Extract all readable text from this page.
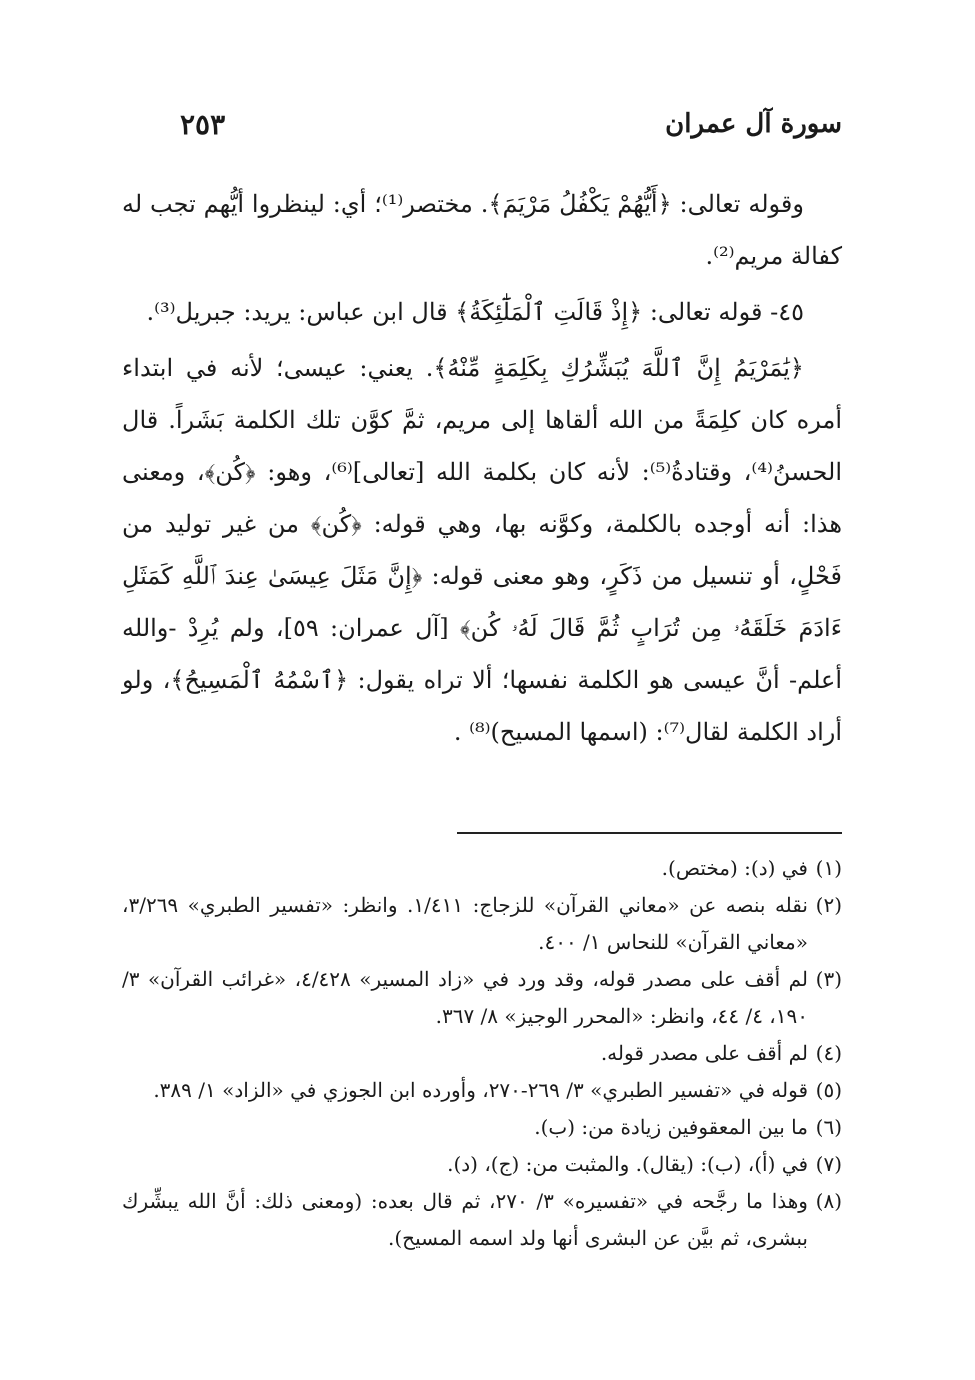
سورة آل عمران
٢٥٣

وقوله تعالى: ﴿أَيُّهُمْ يَكْفُلُ مَرْيَمَ﴾. مختصر⁽¹⁾؛ أي: لينظروا أيُّهم تجب له كفالة مريم⁽²⁾.

٤٥- قوله تعالى: ﴿إِذْ قَالَتِ ٱلْمَلَٰٓئِكَةُ﴾ قال ابن عباس: يريد: جبريل⁽³⁾.

﴿يَٰمَرْيَمُ إِنَّ ٱللَّهَ يُبَشِّرُكِ بِكَلِمَةٍ مِّنْهُ﴾. يعني: عيسى؛ لأنه في ابتداء أمره كان كلِمَةً من الله ألقاها إلى مريم، ثمَّ كوَّن تلك الكلمة بَشَراً. قال الحسنُ⁽⁴⁾، وقتادةُ⁽⁵⁾: لأنه كان بكلمة الله [تعالى]⁽⁶⁾، وهو: ﴿كُن﴾، ومعنى هذا: أنه أوجده بالكلمة، وكوَّنه بها، وهي قوله: ﴿كُن﴾ من غير توليد من فَحْلٍ، أو تنسيل من ذَكَرٍ، وهو معنى قوله: ﴿إِنَّ مَثَلَ عِيسَىٰ عِندَ ٱللَّهِ كَمَثَلِ ءَادَمَ خَلَقَهُۥ مِن تُرَابٍ ثُمَّ قَالَ لَهُۥ كُن﴾ [آل عمران: ٥٩]، ولم يُرِدْ -والله أعلم- أنَّ عيسى هو الكلمة نفسها؛ ألا تراه يقول: ﴿ٱسْمُهُ ٱلْمَسِيحُ﴾، ولو أراد الكلمة لقال⁽⁷⁾: (اسمها المسيح)⁽⁸⁾ .

(١)
في (د): (مختص).
(٢)
نقله بنصه عن «معاني القرآن» للزجاج: ١/٤١١. وانظر: «تفسير الطبري» ٣/٢٦٩، «معاني القرآن» للنحاس ١/ ٤٠٠.
(٣)
لم أقف على مصدر قوله، وقد ورد في «زاد المسير» ٤/٤٢٨، «غرائب القرآن» ٣/ ١٩٠، ٤/ ٤٤، وانظر: «المحرر الوجيز» ٨/ ٣٦٧.
(٤)
لم أقف على مصدر قوله.
(٥)
قوله في «تفسير الطبري» ٣/ ٢٦٩-٢٧٠، وأورده ابن الجوزي في «الزاد» ١/ ٣٨٩.
(٦)
ما بين المعقوفين زيادة من: (ب).
(٧)
في (أ)، (ب): (يقال). والمثبت من: (ج)، (د).
(٨)
وهذا ما رجَّحه في «تفسيره» ٣/ ٢٧٠، ثم قال بعده: (ومعنى ذلك: أنَّ الله يبشِّرك ببشرى، ثم بيَّن عن البشرى أنها ولد اسمه المسيح).
